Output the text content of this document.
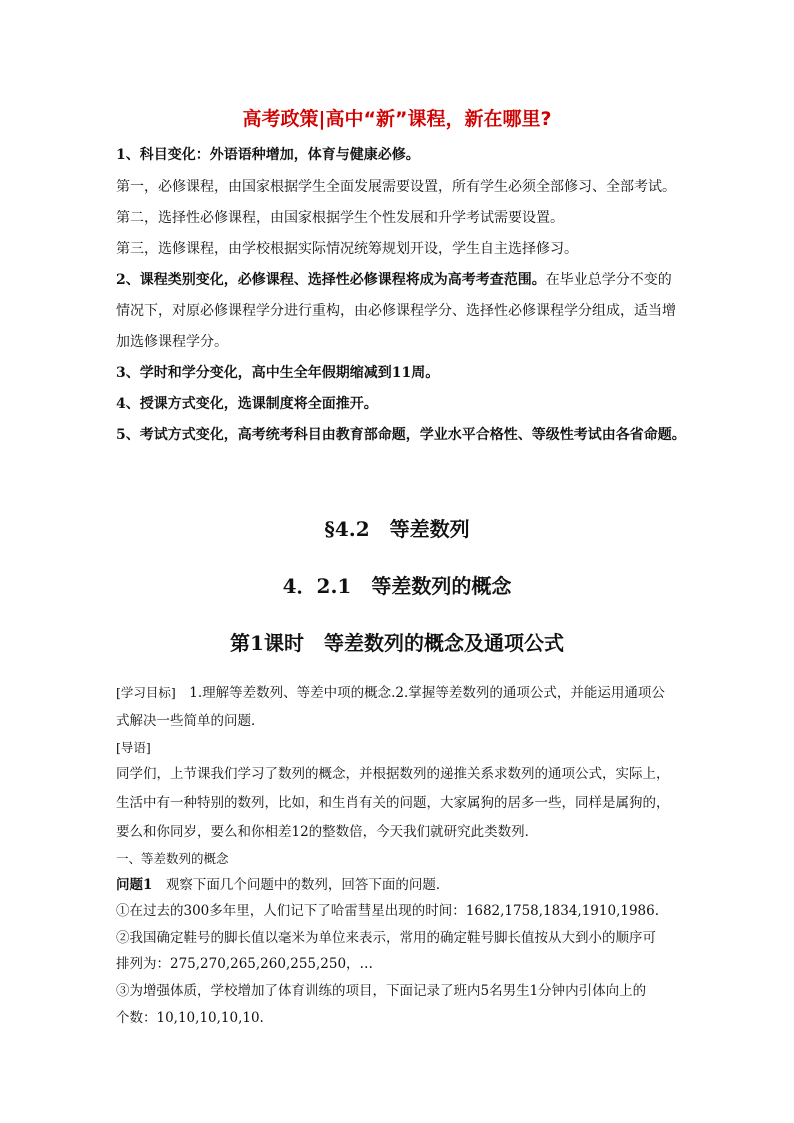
高考政策|高中“新”课程，新在哪里?
1、科目变化：外语语种增加，体育与健康必修。
第一，必修课程，由国家根据学生全面发展需要设置，所有学生必须全部修习、全部考试。
第二，选择性必修课程，由国家根据学生个性发展和升学考试需要设置。
第三，选修课程，由学校根据实际情况统筹规划开设，学生自主选择修习。
2、课程类别变化，必修课程、选择性必修课程将成为高考考查范围。在毕业总学分不变的
情况下，对原必修课程学分进行重构，由必修课程学分、选择性必修课程学分组成，适当增
加选修课程学分。
3、学时和学分变化，高中生全年假期缩减到11周。
4、授课方式变化，选课制度将全面推开。
5、考试方式变化，高考统考科目由教育部命题，学业水平合格性、等级性考试由各省命题。
§4.2　等差数列
4．2.1　等差数列的概念
第1课时　等差数列的概念及通项公式
[学习目标]　1.理解等差数列、等差中项的概念.2.掌握等差数列的通项公式，并能运用通项公
式解决一些简单的问题．
[导语]
同学们，上节课我们学习了数列的概念，并根据数列的递推关系求数列的通项公式，实际上，
生活中有一种特别的数列，比如，和生肖有关的问题，大家属狗的居多一些，同样是属狗的，
要么和你同岁，要么和你相差12的整数倍，今天我们就研究此类数列．
一、等差数列的概念
问题1　观察下面几个问题中的数列，回答下面的问题．
①在过去的300多年里，人们记下了哈雷彗星出现的时间：1682,1758,1834,1910,1986.
②我国确定鞋号的脚长值以毫米为单位来表示，常用的确定鞋号脚长值按从大到小的顺序可
排列为：275,270,265,260,255,250，…
③为增强体质，学校增加了体育训练的项目，下面记录了班内5名男生1分钟内引体向上的
个数：10,10,10,10,10.
